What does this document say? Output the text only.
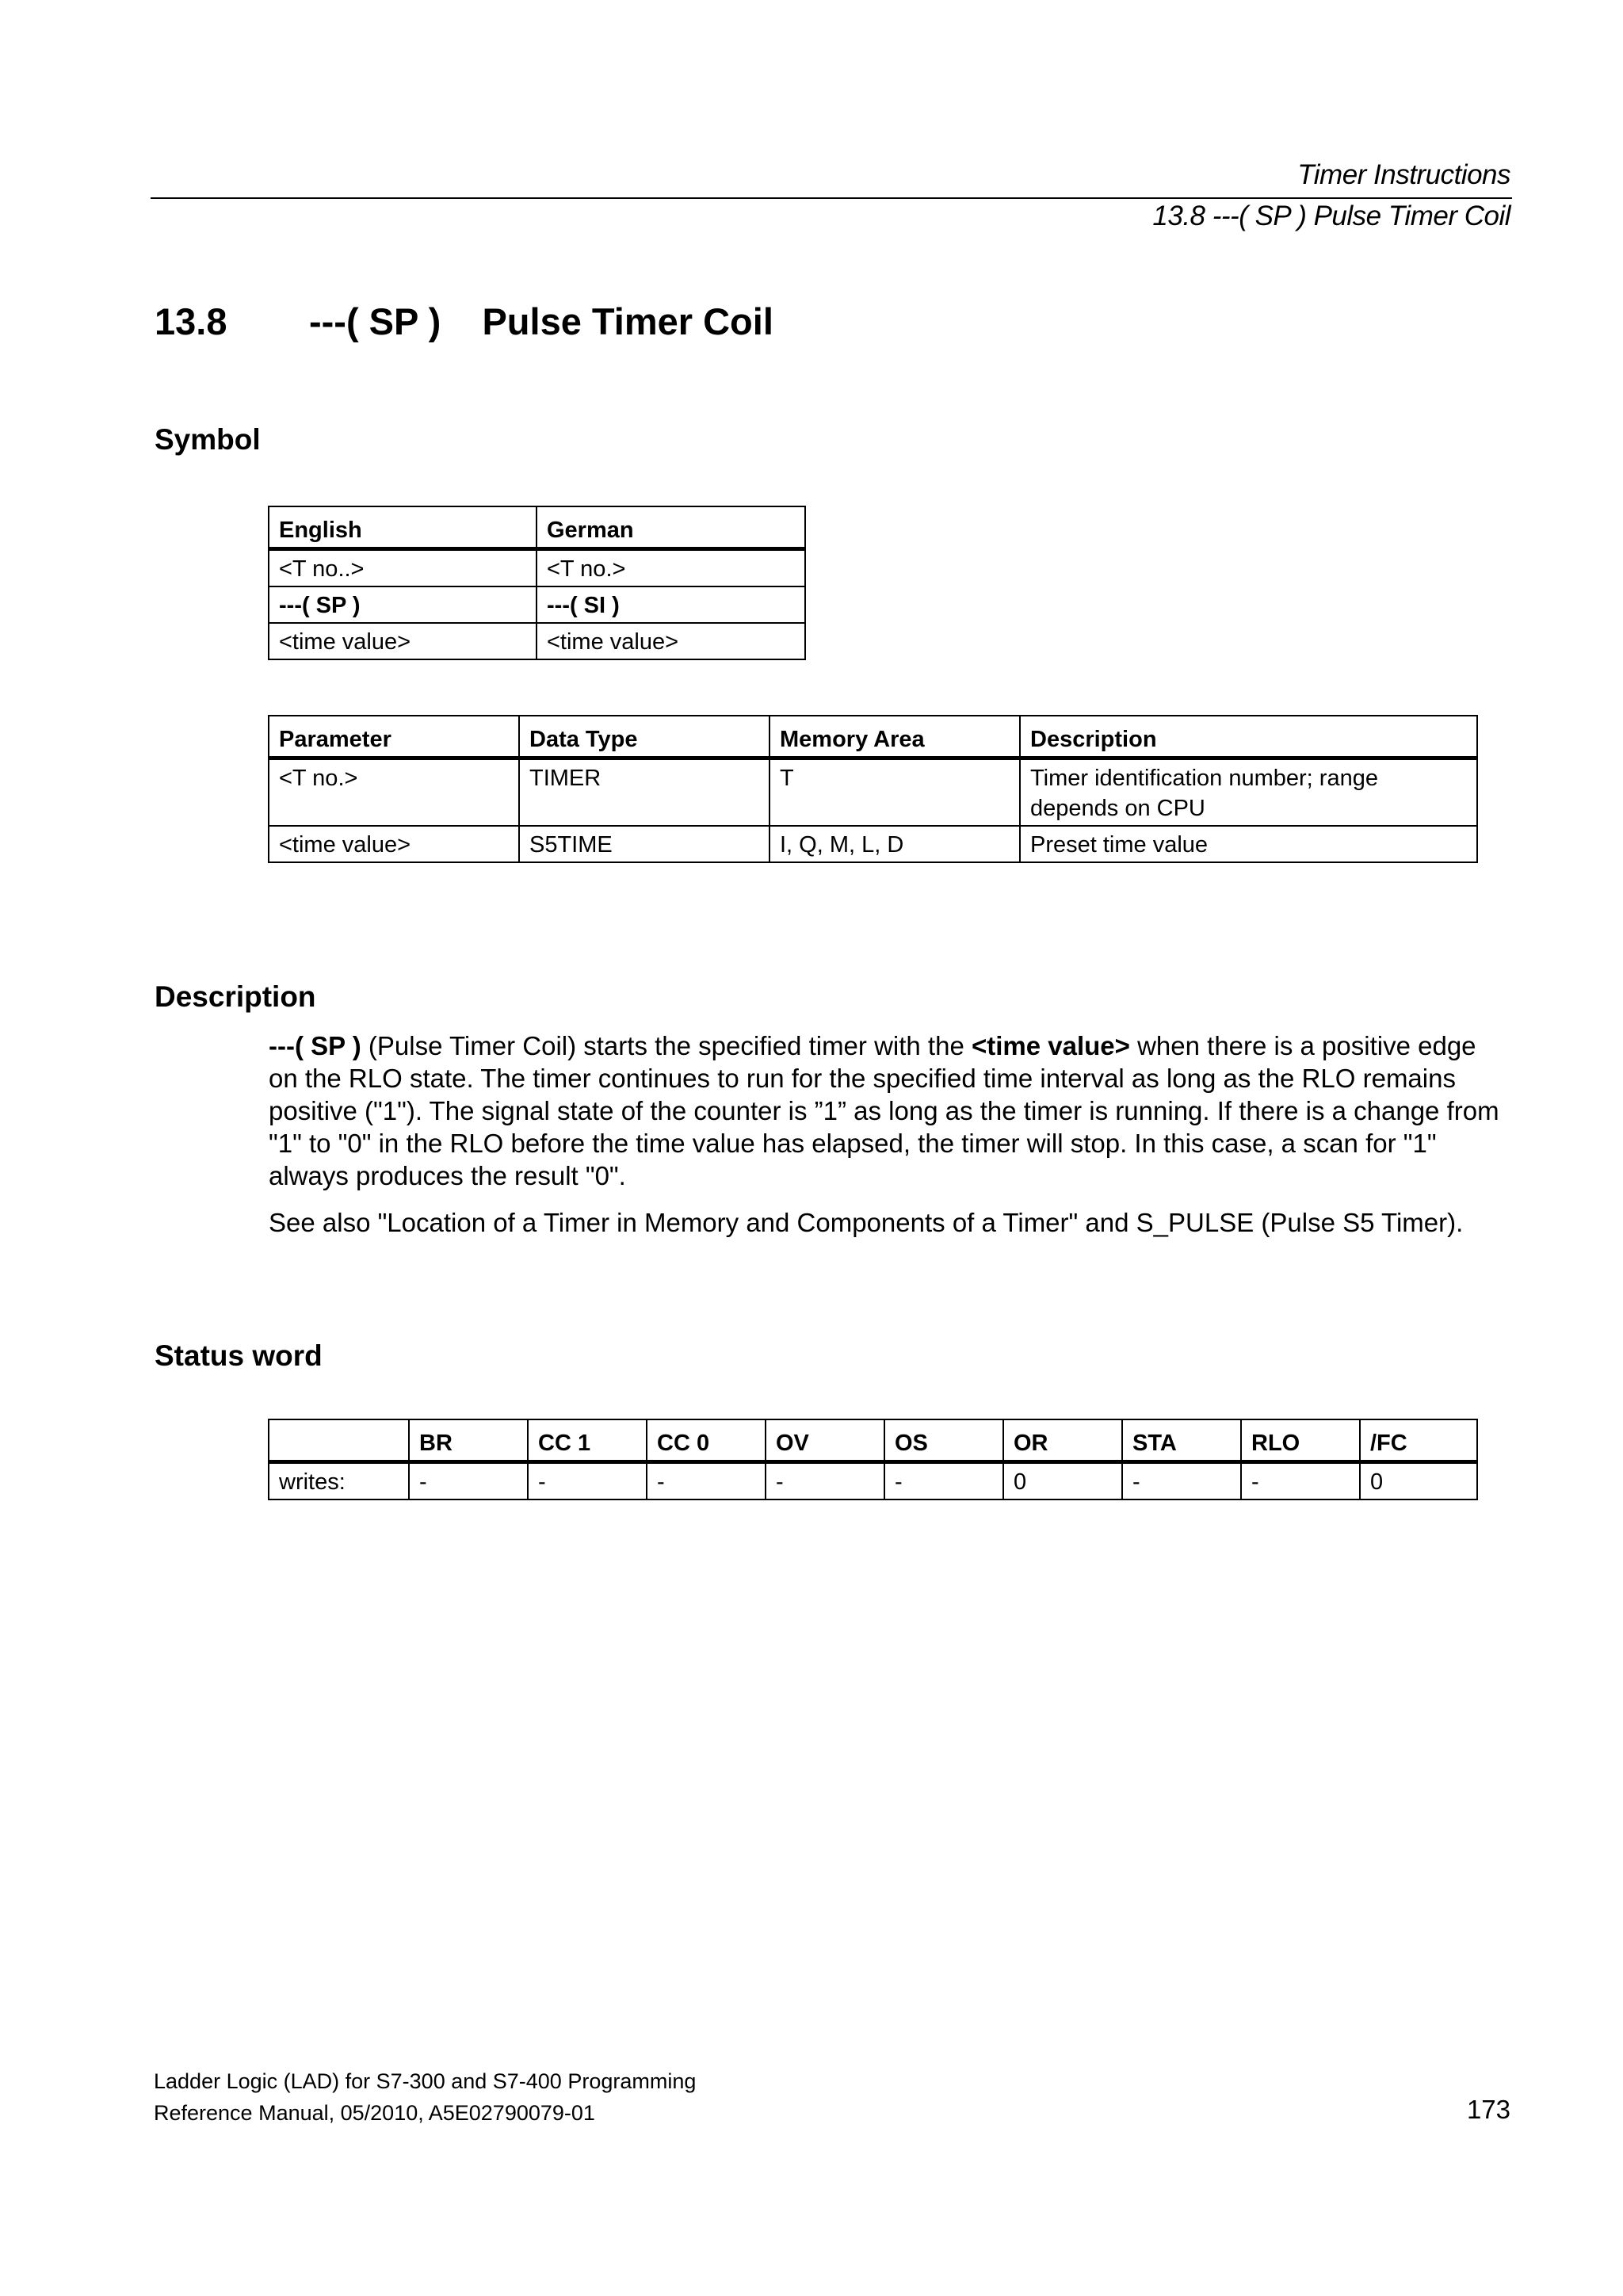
Timer Instructions
13.8 ---( SP ) Pulse Timer Coil
13.8 ---( SP )    Pulse Timer Coil
Symbol
English	German
<T no..>	<T no.>
---( SP )	---( SI )
<time value>	<time value>
Parameter	Data Type	Memory Area	Description
<T no.>	TIMER	T	Timer identification number; range depends on CPU
<time value>	S5TIME	I, Q, M, L, D	Preset time value
Description
---( SP ) (Pulse Timer Coil) starts the specified timer with the <time value> when there is a positive edge on the RLO state. The timer continues to run for the specified time interval as long as the RLO remains positive ("1"). The signal state of the counter is ”1” as long as the timer is running. If there is a change from "1" to "0" in the RLO before the time value has elapsed, the timer will stop. In this case, a scan for "1" always produces the result "0".
See also "Location of a Timer in Memory and Components of a Timer" and S_PULSE (Pulse S5 Timer).
Status word
	BR	CC 1	CC 0	OV	OS	OR	STA	RLO	/FC
writes:	-	-	-	-	-	0	-	-	0
Ladder Logic (LAD) for S7-300 and S7-400 Programming
Reference Manual, 05/2010, A5E02790079-01	173
